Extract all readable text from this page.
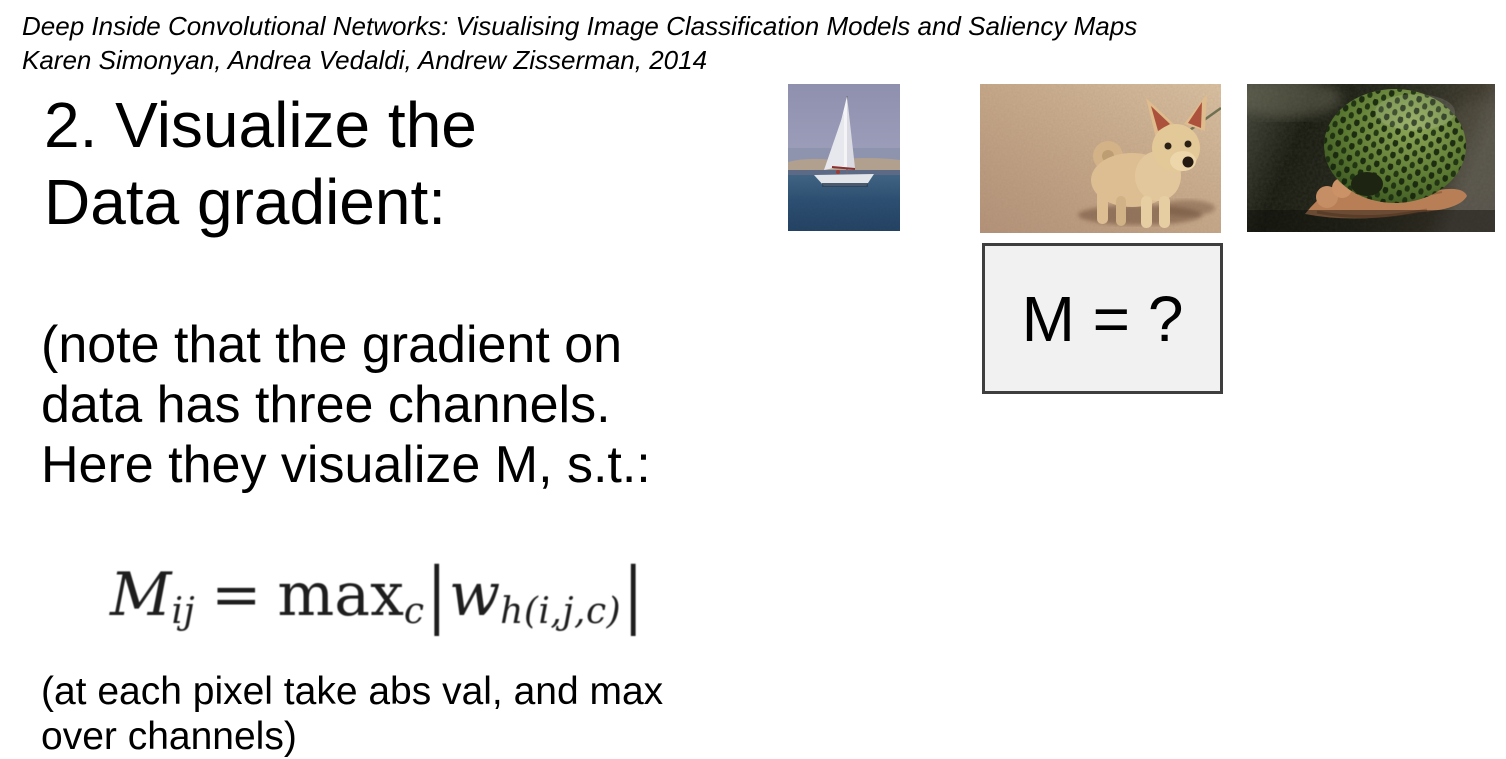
Deep Inside Convolutional Networks: Visualising Image Classification Models and Saliency Maps
Karen Simonyan, Andrea Vedaldi, Andrew Zisserman, 2014
2. Visualize the
Data gradient:
(note that the gradient on
data has three channels.
Here they visualize M, s.t.:
Mij = maxc|wh(i,j,c)|
(at each pixel take abs val, and max
over channels)
M = ?
